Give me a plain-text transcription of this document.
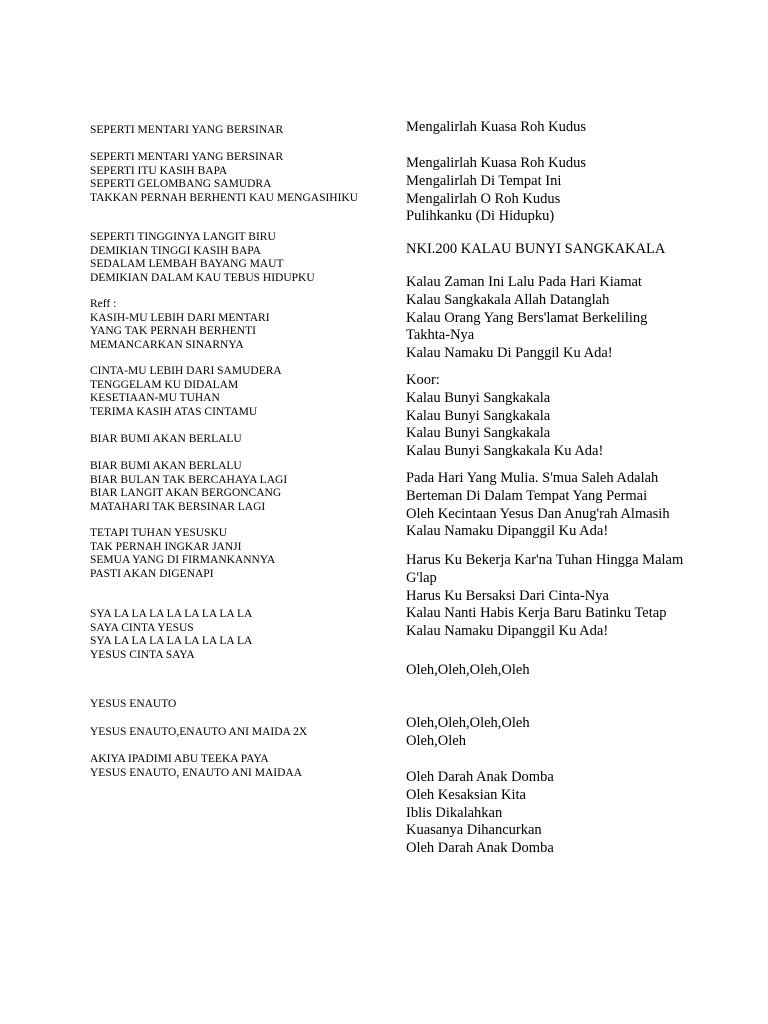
SEPERTI MENTARI YANG BERSINAR
SEPERTI MENTARI YANG BERSINAR
SEPERTI ITU KASIH BAPA
SEPERTI GELOMBANG SAMUDRA
TAKKAN PERNAH BERHENTI KAU MENGASIHIKU
SEPERTI TINGGINYA LANGIT BIRU
DEMIKIAN TINGGI KASIH BAPA
SEDALAM LEMBAH BAYANG MAUT
DEMIKIAN DALAM KAU TEBUS HIDUPKU
Reff :
KASIH-MU LEBIH DARI MENTARI
YANG TAK PERNAH BERHENTI
MEMANCARKAN SINARNYA
CINTA-MU LEBIH DARI SAMUDERA
TENGGELAM KU DIDALAM
KESETIAAN-MU TUHAN
TERIMA KASIH ATAS CINTAMU
BIAR BUMI AKAN BERLALU
BIAR BUMI AKAN BERLALU
BIAR BULAN TAK BERCAHAYA LAGI
BIAR LANGIT AKAN BERGONCANG
MATAHARI TAK BERSINAR LAGI
TETAPI TUHAN YESUSKU
TAK PERNAH INGKAR JANJI
SEMUA YANG DI FIRMANKANNYA
PASTI AKAN DIGENAPI
SYA LA LA LA LA LA LA LA LA
SAYA CINTA YESUS
SYA LA LA LA LA LA LA LA LA
YESUS CINTA SAYA
YESUS ENAUTO
YESUS ENAUTO,ENAUTO ANI MAIDA 2X
AKIYA IPADIMI ABU TEEKA PAYA
YESUS ENAUTO, ENAUTO ANI MAIDAA
Mengalirlah Kuasa Roh Kudus
Mengalirlah Kuasa Roh Kudus
Mengalirlah Di Tempat Ini
Mengalirlah O Roh Kudus
Pulihkanku (Di Hidupku)
NKI.200 KALAU BUNYI SANGKAKALA
Kalau Zaman Ini Lalu Pada Hari Kiamat
Kalau Sangkakala Allah Datanglah
Kalau Orang Yang Bers'lamat Berkeliling
Takhta-Nya
Kalau Namaku Di Panggil Ku Ada!
Koor:
Kalau Bunyi Sangkakala
Kalau Bunyi Sangkakala
Kalau Bunyi Sangkakala
Kalau Bunyi Sangkakala Ku Ada!
Pada Hari Yang Mulia. S'mua Saleh Adalah
Berteman Di Dalam Tempat Yang Permai
Oleh Kecintaan Yesus Dan Anug'rah Almasih
Kalau Namaku Dipanggil Ku Ada!
Harus Ku Bekerja Kar'na Tuhan Hingga Malam
G'lap
Harus Ku Bersaksi Dari Cinta-Nya
Kalau Nanti Habis Kerja Baru Batinku Tetap
Kalau Namaku Dipanggil Ku Ada!
Oleh,Oleh,Oleh,Oleh
Oleh,Oleh,Oleh,Oleh
Oleh,Oleh
Oleh Darah Anak Domba
Oleh Kesaksian Kita
Iblis Dikalahkan
Kuasanya Dihancurkan
Oleh Darah Anak Domba
